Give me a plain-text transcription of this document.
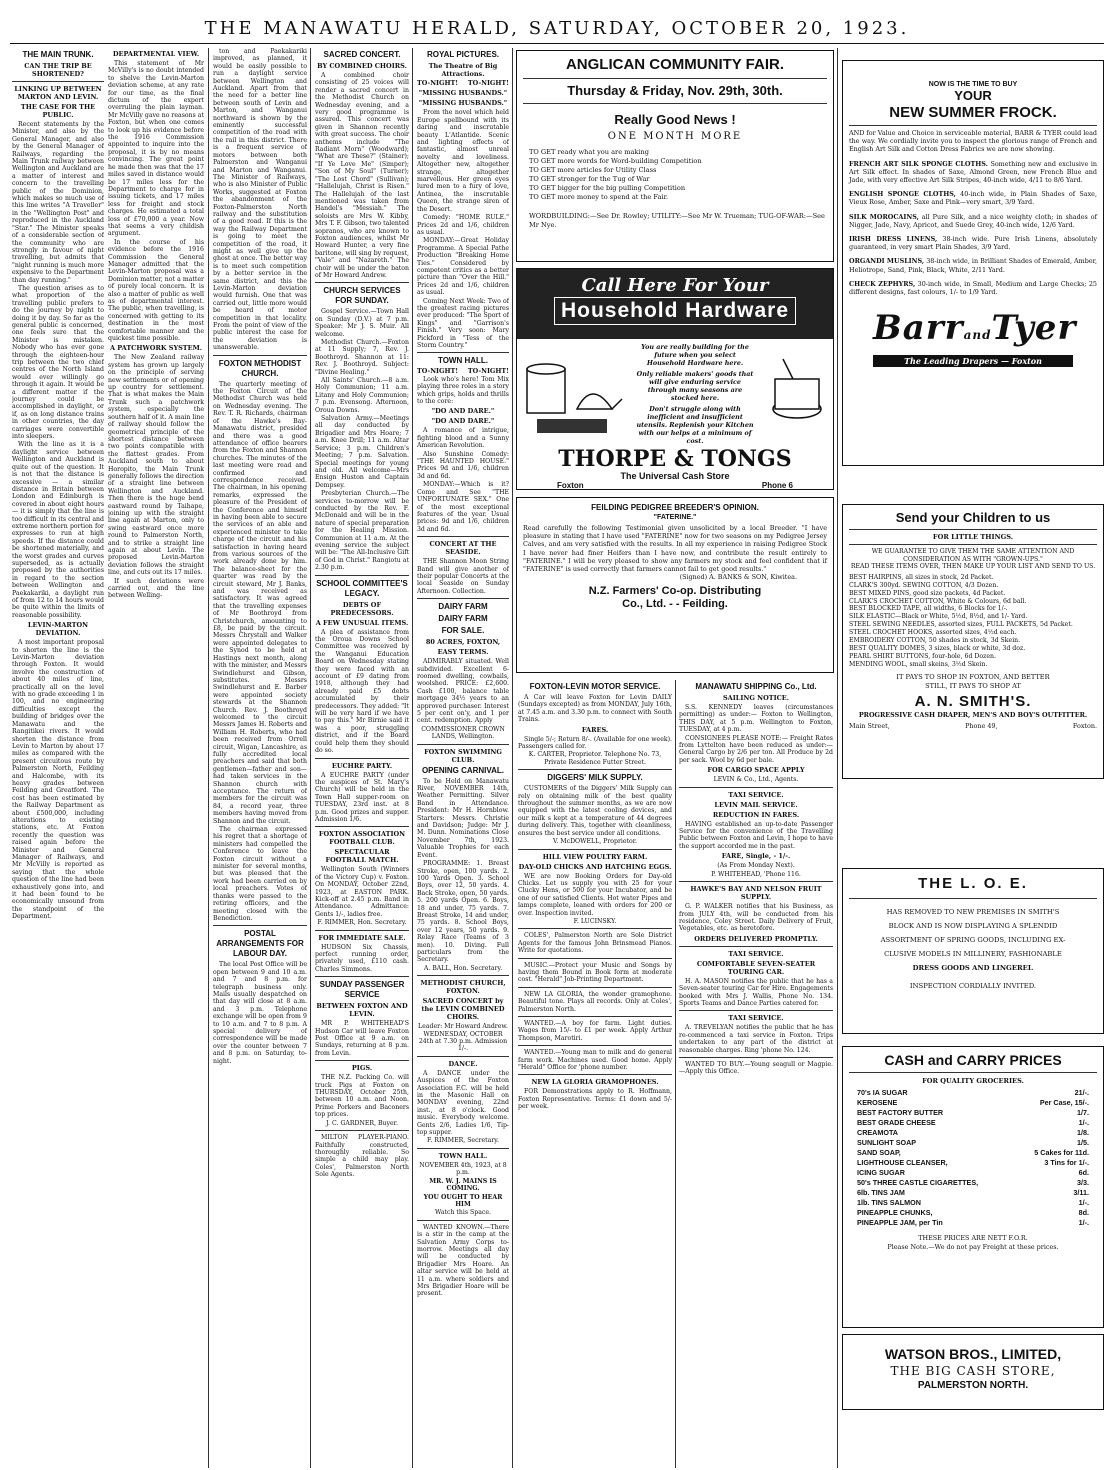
THE MANAWATU HERALD, SATURDAY, OCTOBER 20, 1923.
THE MAIN TRUNK.
CAN THE TRIP BE SHORTENED?
LINKING UP BETWEEN MARTON AND LEVIN.
THE CASE FOR THE PUBLIC.

Recent statements by the Minister, and also by the General Manager, and also by the General Manager of Railways, regarding the Main Trunk railway between Wellington and Auckland are a matter of interest and concern to the travelling public of the Dominion, which makes so much use of this line writes "A Traveller" in the "Wellington Post" and reproduced in the Auckland "Star." The Minister speaks of a considerable section of the community who are strongly in favour of night travelling, but admits that "night running is much more expensive to the Department than day running."

The question arises as to what proportion of the travelling public prefers to do the journey by night to doing it by day. So far as the general public is concerned, one feels sure that the Minister is mistaken. Nobody who has ever gone through the eighteen-hour trip between the two chief centres of the North Island would ever willingly go through it again. It would be a different matter if the journey could be accomplished in daylight, or if, as on long distance trains in other countries, the day carriages were convertible into sleepers.

With the line as it is a daylight service between Wellington and Auckland is quite out of the question. It is not that the distance is excessive — a similar distance in Britain between London and Edinburgh is covered in about eight hours — it is simply that the line is too difficult in its central and extreme northern portion for expresses to run at high speeds. If the distance could be shortened materially, and the worst grades and curves superseded, as is actually proposed by the authorities in regard to the section between Wellington and Paekakariki, a daylight run of from 12 to 14 hours would be quite within the limits of reasonable possibility.

LEVIN-MARTON DEVIATION.

A most important proposal to shorten the line is the Levin-Marton deviation through Foxton. It would involve the construction of about 40 miles of line, practically all on the level with no grade exceeding 1 in 100, and no engineering difficulties except the building of bridges over the Manawatu and the Rangitikei rivers. It would shorten the distance from Levin to Marton by about 17 miles as compared with the present circuitous route by Palmerston North, Feilding and Halcombe, with its heavy grades between Feilding and Greatford. The cost has been estimated by the Railway Department as about £500,000, including alterations to existing stations, etc. At Foxton recently the question was raised again before the Minister and General Manager of Railways, and Mr McVilly is reported as saying that the whole question of the line had been exhaustively gone into, and it had been found to be economically unsound from the standpoint of the Department.

DEPARTMENTAL VIEW.

This statement of Mr McVilly's is no doubt intended to shelve the Levin-Marton deviation scheme, at any rate for our time, as the final dictum of the expert overruling the plain layman. Mr McVilly gave no reasons at Foxton, but when one comes to look up his evidence before the 1916 Commission appointed to inquire into the proposal, it is by no means convincing. The great point he made then was that the 17 miles saved in distance would be 17 miles less for the Department to charge for in issuing tickets, and 17 miles less for freight and stock charges. He estimated a total loss of £70,000 a year. Now that seems a very childish argument.

In the course of his evidence before the 1916 Commission the General Manager admitted that the Levin-Marton proposal was a Dominion matter, not a matter of purely local concern. It is also a matter of public as well as of departmental interest. The public, when travelling, is concerned with getting to its destination in the most comfortable manner and the quickest time possible.

A PATCHWORK SYSTEM.

The New Zealand railway system has grown up largely on the principle of serving new settlements or of opening up country for settlement. That is what makes the Main Trunk such a patchwork system, especially the southern half of it. A main line of railway should follow the geometrical principle of the shortest distance between two points compatible with the flattest grades. From Auckland south to about Horopito, the Main Trunk generally follows the direction of a straight line between Wellington and Auckland. Then there is the huge bend eastward round by Taihape, joining up with the straight line again at Marton, only to swing eastward once more round to Palmerston North, and to strike a straight line again at about Levin. The proposed Levin-Marton deviation follows the straight line, and cuts out its 17 miles.

If such deviations were carried out, and the line between Welling-

ton and Paekakariki improved, as planned, it would be easily possible to run a daylight service between Wellington and Auckland. Apart from that the need for a better line between south of Levin and Marton, and Wanganui northward is shown by the eminently successful competition of the road with the rail in this district. There is a frequent service of motors between both Palmerston and Wanganui and Marton and Wanganui. The Minister of Railways, who is also Minister of Public Works, suggested at Foxton the abandonment of the Foxton-Palmerston North railway and the substitution of a good road. If this is the way the Railway Department is going to meet the competition of the road, it might as well give up the ghost at once. The better way is to meet such competition by a better service in the same district, and this the Levin-Marton deviation would furnish. One that was carried out, little more would be heard of motor competition in that locality. From the point of view of the public interest the case for the deviation is unanswerable.

FOXTON METHODIST CHURCH.

The quarterly meeting of the Foxton Circuit of the Methodist Church was held on Wednesday evening. The Rev. T. R. Richards, chairman of the Hawke's Bay-Manawatu district, presided and there was a good attendance of office bearers from the Foxton and Shannon churches. The minutes of the last meeting were read and confirmed and correspondence received. The chairman, in his opening remarks, expressed the pleasure of the President of the Conference and himself in having been able to secure the services of an able and experienced minister to take charge of the circuit and his satisfaction in having heard from various sources of the work already done by him. The balance-sheet for the quarter was read by the circuit steward, Mr J. Banks, and was received as satisfactory. It was agreed that the travelling expenses of Mr Boothroyd from Christchurch, amounting to £8, be paid by the circuit. Messrs Chrystall and Walker were appointed delegates to the Synod to be held at Hastings next month, along with the minister, and Messrs Swindlehurst and Gibson, substitutes. Messrs Swindlehurst and E. Barber were appointed society stewards at the Shannon Church. Rev. J. Boothroyd welcomed to the circuit Messrs James H. Roberts and William H. Roberts, who had been received from Orrell circuit, Wigan, Lancashire, as fully accredited local preachers and said that both gentlemen—father and son—had taken services in the Shannon church with acceptance. The return of members for the circuit was 84, a record year, three members having moved from Shannon and the circuit.

The chairman expressed his regret that a shortage of ministers had compelled the Conference to leave the Foxton circuit without a minister for several months, but was pleased that the work had been carried on by local preachers. Votes of thanks were passed to the retiring officers, and the meeting closed with the Benediction.

POSTAL ARRANGEMENTS FOR LABOUR DAY.

The local Post Office will be open between 9 and 10 a.m. and 7 and 8 p.m. for telegraph business only. Mails usually despatched on that day will close at 8 a.m. and 3 p.m. Telephone exchange will be open from 9 to 10 a.m. and 7 to 8 p.m. A special delivery of correspondence will be made over the counter between 7 and 8 p.m. on Saturday, to-night.

SACRED CONCERT.
BY COMBINED CHOIRS.

A combined choir consisting of 25 voices will render a sacred concert in the Methodist Church on Wednesday evening, and a very good programme is assured. This concert was given in Shannon recently with great success. The choir anthems include "The Radiant Morn" (Woodward); "What are These?" (Stainer); "If Ye Love Me" (Simper); "Son of My Soul" (Turner); "The Lost Chord" (Sullivan); "Hallelujah, Christ is Risen." The Hallelujah of the last mentioned was taken from Handel's "Messiah." The soloists are Mrs W. Kibby, Mrs T. F. Gibson, two talented sopranos, who are known to Foxton audiences, whilst Mr Howard Hunter, a very fine baritone, will sing by request, "Vale" and "Nazareth." The choir will be under the baton of Mr Howard Andrew.

CHURCH SERVICES FOR SUNDAY.

Gospel Service.—Town Hall on Sunday (D.V.) at 7 p.m. Speaker: Mr J. S. Muir. All welcome.

Methodist Church.—Foxton at 11 Supply; 7, Rev. J. Boothroyd. Shannon at 11: Rev. J. Boothroyd. Subject: "Divine Healing."

All Saints' Church.—8 a.m. Holy Communion; 11 a.m. Litany and Holy Communion; 7 p.m. Evensong. Afternoon, Oroua Downs.

Salvation Army.—Meetings all day conducted by Brigadier and Mrs Hoare; 7 a.m. Knee Drill; 11 a.m. Altar Service; 3 p.m. Children's Meeting; 7 p.m. Salvation. Special meetings for young and old. All welcome—Mrs Ensign Huston and Captain Dempsey.

Presbyterian Church.—The services to-morrow will be conducted by the Rev. F. McDonald and will be in the nature of special preparation for the Healing Mission. Communion at 11 a.m. At the evening service the subject will be: "The All-Inclusive Gift of God in Christ." Rangiotu at 2.30 p.m.

SCHOOL COMMITTEE'S LEGACY.
DEBTS OF PREDECESSORS.
A FEW UNUSUAL ITEMS.

A plea of assistance from the Oroua Downs School Committee was received by the Wanganui Education Board on Wednesday stating they were faced with an account of £9 dating from 1918, although they had already paid £5 debts accumulated by their predecessors. They added: "It will be very hard if we have to pay this." Mr Birnie said it was a poor, struggling district, and if the Board could help them they should do so.

EUCHRE PARTY.

A EUCHRE PARTY (under the auspices of St. Mary's Church) will be held in the Town Hall supper-room on TUESDAY, 23rd inst. at 8 p.m. Good prizes and supper. Admission 1/6.

FOXTON ASSOCIATION FOOTBALL CLUB.
SPECTACULAR FOOTBALL MATCH.

Wellington South (Winners of the Victory Cup) v. Foxton. On MONDAY, October 22nd, 1923, at EASTON PARK. Kick-off at 2.45 p.m. Band in Attendance. Admittance: Gents 1/-, ladies free.

F. RIMMER, Hon. Secretary.

FOR IMMEDIATE SALE.

HUDSON Six Chassis, perfect running order, privately used, £110 cash. Charles Simmons.

SUNDAY PASSENGER SERVICE
BETWEEN FOXTON AND LEVIN.

MR P. WHITEHEAD'S Hudson Car will leave Foxton Post Office at 9 a.m. on Sundays, returning at 8 p.m. from Levin.

PIGS.

THE N.Z. Packing Co. will truck Pigs at Foxton on THURSDAY, October 25th, between 10 a.m. and Noon. Prime Porkers and Baconers top prices.

J. C. GARDNER, Buyer.

MILTON PLAYER-PIANO. Faithfully constructed, thoroughly reliable. So simple a child may play. Coles', Palmerston North Sole Agents.

ROYAL PICTURES.
The Theatre of Big Attractions.
TO-NIGHT! TO-NIGHT!
"MISSING HUSBANDS."
"MISSING HUSBANDS."

From the novel which held Europe spellbound with its daring and inscrutable beauty L'Atlantide. Scenic and lighting effects of fantastic, almost unreal novelty and loveliness. Altogether new, altogether strange, altogether marvellous. Her green eyes lured men to a fury of love, Antinea, the inscrutable Queen, the strange siren of the Desert.

Comedy: "HOME RULE." Prices 2d and 1/6, children as usual.

MONDAY:—Great Holiday Programme. A Special Pathe Production "Breaking Home Ties." Considered by competent critics as a better picture than "Over the Hill." Prices 2d and 1/6, children as usual.

Coming Next Week: Two of the greatest racing pictures ever produced: "The Sport of Kings" and "Garrison's Finish." Very soon: Mary Pickford in "Tess of the Storm Country."

TOWN HALL.
TO-NIGHT! TO-NIGHT!

Look who's here! Tom Mix playing three roles in a story which grips, holds and thrills to the core:

"DO AND DARE."
"DO AND DARE."

A romance of intrigue, fighting blood and a Sunny American Revolution.

Also Sunshine Comedy: "THE HAUNTED HOUSE." Prices 9d and 1/6, children 3d and 6d.

MONDAY:—Which is it? Come and See "THE UNFORTUNATE SEX." One of the most exceptional features of the year. Usual prices: 9d and 1/6, children 3d and 6d.

CONCERT AT THE SEASIDE.

THE Shannon Moon String Band will give another of their popular Concerts at the local Seaside on Sunday Afternoon. Collection.

DAIRY FARM
DAIRY FARM
FOR SALE.
80 ACRES, FOXTON,
EASY TERMS.

ADMIRABLY situated. Well subdivided. Excellent 6-roomed dwelling, cowbails, woolshed. PRICE: £2,600. Cash £100, balance table mortgage 34½ years to an approved purchaser. Interest 5 per cent on'y, and 1 per cent. redemption. Apply

COMMISSIONER CROWN LANDS, Wellington.

FOXTON SWIMMING CLUB.
OPENING CARNIVAL.

To be Held on Manawatu River, NOVEMBER 14th, Weather Permitting. Silver Band in Attendance. President: Mr H. Hornblow. Starters: Messrs. Christie and Davidson; Judge: Mr J. M. Dunn. Nominations Close November 7th, 1923. Valuable Trophies for each Event.

PROGRAMME: 1. Breast Stroke, open, 100 yards. 2. 100 Yards Open. 3. School Boys, over 12, 50 yards. 4. Back Stroke, open, 50 yards. 5. 200 yards Open. 6. Boys, 18 and under, 75 yards. 7. Breast Stroke, 14 and under, 75 yards. 8. School Boys, over 12 years, 50 yards. 9. Relay Race (Teams of 3 men). 10. Diving. Full particulars from the Secretary.

A. BALL, Hon. Secretary.

METHODIST CHURCH, FOXTON.
SACRED CONCERT by the LEVIN COMBINED CHOIRS.

Leader: Mr Howard Andrew. WEDNESDAY, OCTOBER 24th at 7.30 p.m. Admission 1/-.

DANCE.

A DANCE under the Auspices of the Foxton Association F.C. will be held in the Masonic Hall on MONDAY evening, 22nd inst., at 8 o'clock. Good music. Everybody welcome. Gents 2/6, Ladies 1/6, Tip-top supper.

F. RIMMER, Secretary.

TOWN HALL.

NOVEMBER 4th, 1923, at 8 p.m.

MR. W. J. MAINS IS COMING.

YOU OUGHT TO HEAR HIM

Watch this Space.

WANTED KNOWN.—There is a stir in the camp at the Salvation Army Corps to-morrow. Meetings all day will be conducted by Brigadier Mrs Hoare. An altar service will be held at 11 a.m. where soldiers and Mrs Brigadier Hoare will be present.

ANGLICAN COMMUNITY FAIR.
Thursday & Friday, Nov. 29th, 30th.
Really Good News !
ONE MONTH MORE
TO GET ready what you are making
TO GET more words for Word-building Competition
TO GET more articles for Utility Class
TO GET stronger for the Tug of War
TO GET bigger for the big pulling Competition
TO GET more money to spend at the Fair.
WORDBUILDING:—See Dr. Rowley; UTILITY:—See Mr W. Trueman; TUG-OF-WAR:—See Mr Nye.
Call Here For Your
Household Hardware
You are really building for the future when you select Household Hardware here.
Only reliable makers' goods that will give enduring service through many seasons are stocked here.
Don't struggle along with inefficient and insufficient utensils. Replenish your Kitchen with our helps at a minimum of cost.
THORPE & TONGS
The Universal Cash Store
Foxton	Phone 6
FEILDING PEDIGREE BREEDER'S OPINION.
"FATERINE."
Read carefully the following Testimonial given unsolicited by a local Breeder. "I have pleasure in stating that I have used "FATERINE" now for two seasons on my Pedigree Jersey Calves, and am very satisfied with the results. In all my experience in raising Pedigree Stock I have never had finer Heifers than I have now, and contribute the result entirely to "FATERINE." I will be very pleased to show any farmers my stock and feel confident that if "FATERINE" is used correctly that farmers cannot fail to get good results."
(Signed) A. BANKS & SON, Kiwitea.
N.Z. Farmers' Co-op. Distributing
Co., Ltd. - - Feilding.
FOXTON-LEVIN MOTOR SERVICE.

A Car will leave Foxton for Levin DAILY (Sundays excepted) as from MONDAY, July 16th, at 7.45 a.m. and 3.30 p.m. to connect with South Trains.

FARES.

Single 5/-; Return 8/-. (Available for one week). Passengers called for.

K. CARTER, Proprietor. Telephone No. 73, Private Residence Futter Street.

DIGGERS' MILK SUPPLY.

CUSTOMERS of the Diggers' Milk Supply can rely on obtaining milk of the best quality throughout the summer months, as we are now equipped with the latest cooling devices, and our milk s kept at a temperature of 44 degrees during delivery. This, together with cleanliness, ensures the best service under all conditions.

V. McDOWELL, Proprietor.

HILL VIEW POULTRY FARM.
DAY-OLD CHICKS AND HATCHING EGGS.

WE are now Booking Orders for Day-old Chicks. Let us supply you with 25 for your Clucky Hens, or 500 for your Incubator, and be one of our satisfied Clients. Hot water Pipes and lamps complete, leaned with orders for 200 or over. Inspection invited.

F. LUCINSKY.

COLES', Palmerston North are Sole District Agents for the famous John Brinsmead Pianos. Write for quotations.

MUSIC.—Protect your Music and Songs by having them Bound in Book form at moderate cost. "Herald" Job-Printing Department.

NEW LA GLORIA, the wonder gramophone. Beautiful tone. Plays all records. Only at Coles', Palmerston North.

WANTED.—A boy for farm. Light duties. Wages from 15/- to £1 per week. Apply Arthur Thompson, Marotiri.

WANTED.—Young man to milk and do general farm work. Machines used. Good home. Apply "Herald" Office for 'phone number.

NEW LA GLORIA GRAMOPHONES.

FOR Demonstrations apply to R. Hoffmann, Foxton Representative. Terms: £1 down and 5/- per week.

MANAWATU SHIPPING Co., Ltd.
SAILING NOTICE.

S.S. KENNEDY leaves (circumstances permitting) as under:— Foxton to Wellington, THIS DAY, at 5 p.m. Wellington to Foxton, TUESDAY, at 4 p.m.

CONSIGNEES PLEASE NOTE:— Freight Rates from Lyttelton have been reduced as under:— General Cargo by 2/6 per ton. All Produce by 2d per sack. Wool by 6d per bale.

FOR CARGO SPACE APPLY

LEVIN & Co., Ltd., Agents.

TAXI SERVICE.
LEVIN MAIL SERVICE.
REDUCTION IN FARES.

HAVING established an up-to-date Passenger Service for the convenience of the Travelling Public between Foxton and Levin, I hope to have the support accorded me in the past.

FARE, Single, - 1/-.

(As From Monday Next).

P. WHITEHEAD, 'Phone 116.

HAWKE'S BAY AND NELSON FRUIT SUPPLY.

G. P. WALKER notifies that his Business, as from JULY 4th, will be conducted from his residence, Coley Street. Daily Delivery of Fruit, Vegetables, etc. as heretofore.

ORDERS DELIVERED PROMPTLY.
TAXI SERVICE.
COMFORTABLE SEVEN-SEATER TOURING CAR.

H. A. MASON notifies the public that he has a Seven-seater touring Car for Hire. Engagements booked with Mrs J. Wallis, Phone No. 134. Sports Teams and Dance Parties catered for.

TAXI SERVICE.

A. TREVELYAN notifies the public that he has re-commenced a taxi service in Foxton. Trips undertaken to any part of the district at reasonable charges. Ring 'phone No. 124.

WANTED TO BUY.—Young seagull or Magpie.—Apply this Office.

NOW IS THE TIME TO BUY
YOUR
NEW SUMMER FROCK.
AND for Value and Choice in serviceable material, BARR & TYER could lead the way. We cordially invite you to inspect the glorious range of French and English Art Silk and Cotton Dress Fabrics we are now showing.
FRENCH ART SILK SPONGE CLOTHS. Something new and exclusive in Art Silk effect. In shades of Saxe, Almond Green, new French Blue and Jade, with very effective Art Silk Stripes, 40-inch wide, 4/11 to 8/6 Yard.
ENGLISH SPONGE CLOTHS, 40-inch wide, in Plain Shades of Saxe, Vieux Rose, Amber, Saxe and Pink—very smart, 3/9 Yard.
SILK MOROCAINS, all Pure Silk, and a nice weighty cloth; in shades of Nigger, Jade, Navy, Apricot, and Suede Grey, 40-inch wide, 12/6 Yard.
IRISH DRESS LINENS, 38-inch wide. Pure Irish Linens, absolutely guaranteed, in very smart Plain Shades, 3/9 Yard.
ORGANDI MUSLINS, 38-inch wide, in Brilliant Shades of Emerald, Amber, Heliotrope, Sand, Pink, Black, White, 2/11 Yard.
CHECK ZEPHYRS, 30-inch wide, in Small, Medium and Large Checks; 25 different designs, fast colours, 1/- to 1/9 Yard.
BarrandTyer
The Leading Drapers — Foxton
Send your Children to us
FOR LITTLE THINGS.
WE GUARANTEE TO GIVE THEM THE SAME ATTENTION AND CONSIDERATION AS WITH "GROWN-UPS."
READ THESE ITEMS OVER, THEN MAKE UP YOUR LIST AND SEND TO US.
BEST HAIRPINS, all sizes in stock, 2d Packet.
CLARK'S 300yd. SEWING COTTON, 4/3 Dozen.
BEST MIXED PINS, good size packets, 4d Packet.
CLARK'S CROCHET COTTON, White & Colours, 6d ball.
BEST BLOCKED TAPE, all widths, 6 Blocks for 1/-.
SILK ELASTIC—Black or White, 5½d, 8½d, and 1/- Yard.
STEEL SEWING NEEDLES, assorted sizes, FULL PACKETS, 5d Packet.
STEEL CROCHET HOOKS, assorted sizes, 4½d each.
EMBROIDERY COTTON, 50 shades in stock, 3d Skein.
BEST QUALITY DOMES, 3 sizes, black or white, 3d doz.
PEARL SHIRT BUTTONS, four-hole, 6d Dozen.
MENDING WOOL, small skeins, 3½d Skein.
IT PAYS TO SHOP IN FOXTON, AND BETTER
STILL, IT PAYS TO SHOP AT
A. N. SMITH'S.
PROGRESSIVE CASH DRAPER, MEN'S AND BOY'S OUTFITTER.
Main Street,	Phone 49,	Foxton.
THE L. O. E.
HAS REMOVED TO NEW PREMISES IN SMITH'S
BLOCK AND IS NOW DISPLAYING A SPLENDID
ASSORTMENT OF SPRING GOODS, INCLUDING EX-
CLUSIVE MODELS IN MILLINERY, FASHIONABLE
DRESS GOODS AND LINGEREI.
INSPECTION CORDIALLY INVITED.
CASH and CARRY PRICES
FOR QUALITY GROCERIES.
70's IA SUGAR	21/-.
KEROSENE	Per Case, 15/-.
BEST FACTORY BUTTER	1/7.
BEST GRADE CHEESE	1/-.
CREAMOTA	1/8.
SUNLIGHT SOAP	1/5.
SAND SOAP,	5 Cakes for 11d.
LIGHTHOUSE CLEANSER,	3 Tins for 1/-.
ICING SUGAR	6d.
50's THREE CASTLE CIGARETTES,	3/3.
6lb. TINS JAM	3/11.
1lb. TINS SALMON	1/-.
PINEAPPLE CHUNKS,	8d.
PINEAPPLE JAM, per Tin	1/-.
THESE PRICES ARE NETT F.O.R.
Please Note.—We do not pay Freight at these prices.
WATSON BROS., LIMITED,
THE BIG CASH STORE,
PALMERSTON NORTH.
